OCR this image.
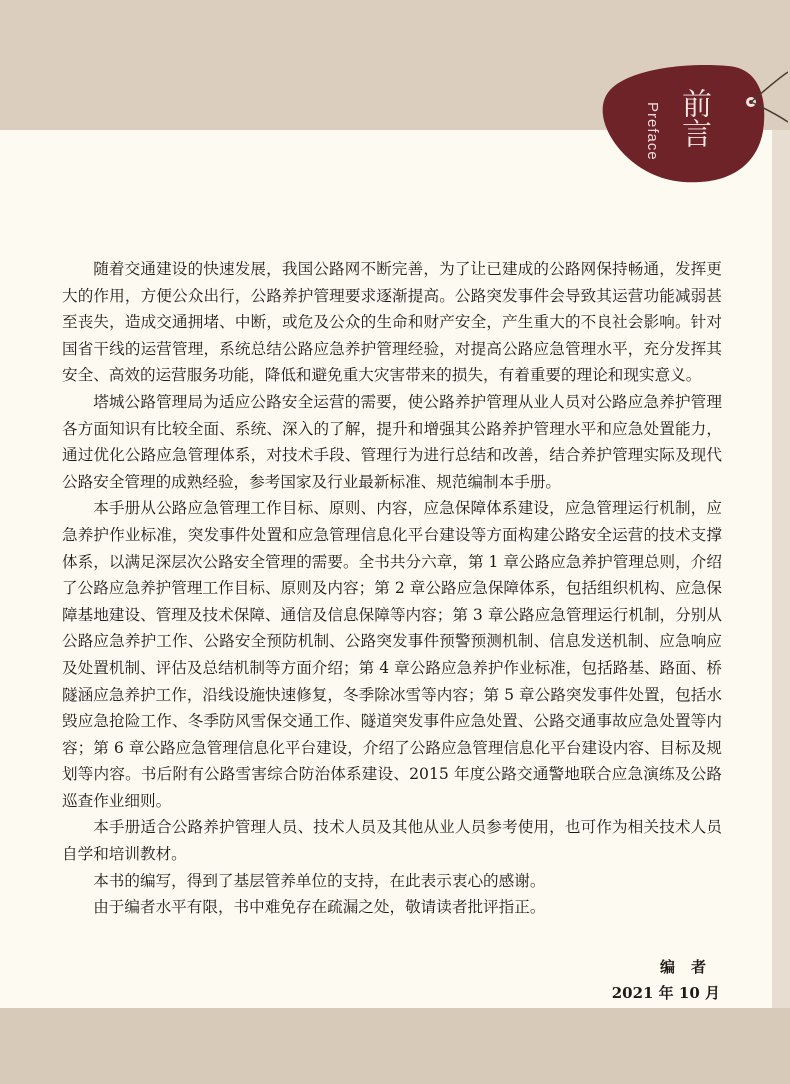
前言
Preface

随着交通建设的快速发展，我国公路网不断完善，为了让已建成的公路网保持畅通，发挥更大的作用，方便公众出行，公路养护管理要求逐渐提高。公路突发事件会导致其运营功能减弱甚至丧失，造成交通拥堵、中断，或危及公众的生命和财产安全，产生重大的不良社会影响。针对国省干线的运营管理，系统总结公路应急养护管理经验，对提高公路应急管理水平，充分发挥其安全、高效的运营服务功能，降低和避免重大灾害带来的损失，有着重要的理论和现实意义。

塔城公路管理局为适应公路安全运营的需要，使公路养护管理从业人员对公路应急养护管理各方面知识有比较全面、系统、深入的了解，提升和增强其公路养护管理水平和应急处置能力，通过优化公路应急管理体系，对技术手段、管理行为进行总结和改善，结合养护管理实际及现代公路安全管理的成熟经验，参考国家及行业最新标准、规范编制本手册。

本手册从公路应急管理工作目标、原则、内容，应急保障体系建设，应急管理运行机制，应急养护作业标准，突发事件处置和应急管理信息化平台建设等方面构建公路安全运营的技术支撑体系，以满足深层次公路安全管理的需要。全书共分六章，第 1 章公路应急养护管理总则，介绍了公路应急养护管理工作目标、原则及内容；第 2 章公路应急保障体系，包括组织机构、应急保障基地建设、管理及技术保障、通信及信息保障等内容；第 3 章公路应急管理运行机制，分别从公路应急养护工作、公路安全预防机制、公路突发事件预警预测机制、信息发送机制、应急响应及处置机制、评估及总结机制等方面介绍；第 4 章公路应急养护作业标准，包括路基、路面、桥隧涵应急养护工作，沿线设施快速修复，冬季除冰雪等内容；第 5 章公路突发事件处置，包括水毁应急抢险工作、冬季防风雪保交通工作、隧道突发事件应急处置、公路交通事故应急处置等内容；第 6 章公路应急管理信息化平台建设，介绍了公路应急管理信息化平台建设内容、目标及规划等内容。书后附有公路雪害综合防治体系建设、2015 年度公路交通警地联合应急演练及公路巡查作业细则。

本手册适合公路养护管理人员、技术人员及其他从业人员参考使用，也可作为相关技术人员自学和培训教材。

本书的编写，得到了基层管养单位的支持，在此表示衷心的感谢。

由于编者水平有限，书中难免存在疏漏之处，敬请读者批评指正。

编者
2021 年 10 月
